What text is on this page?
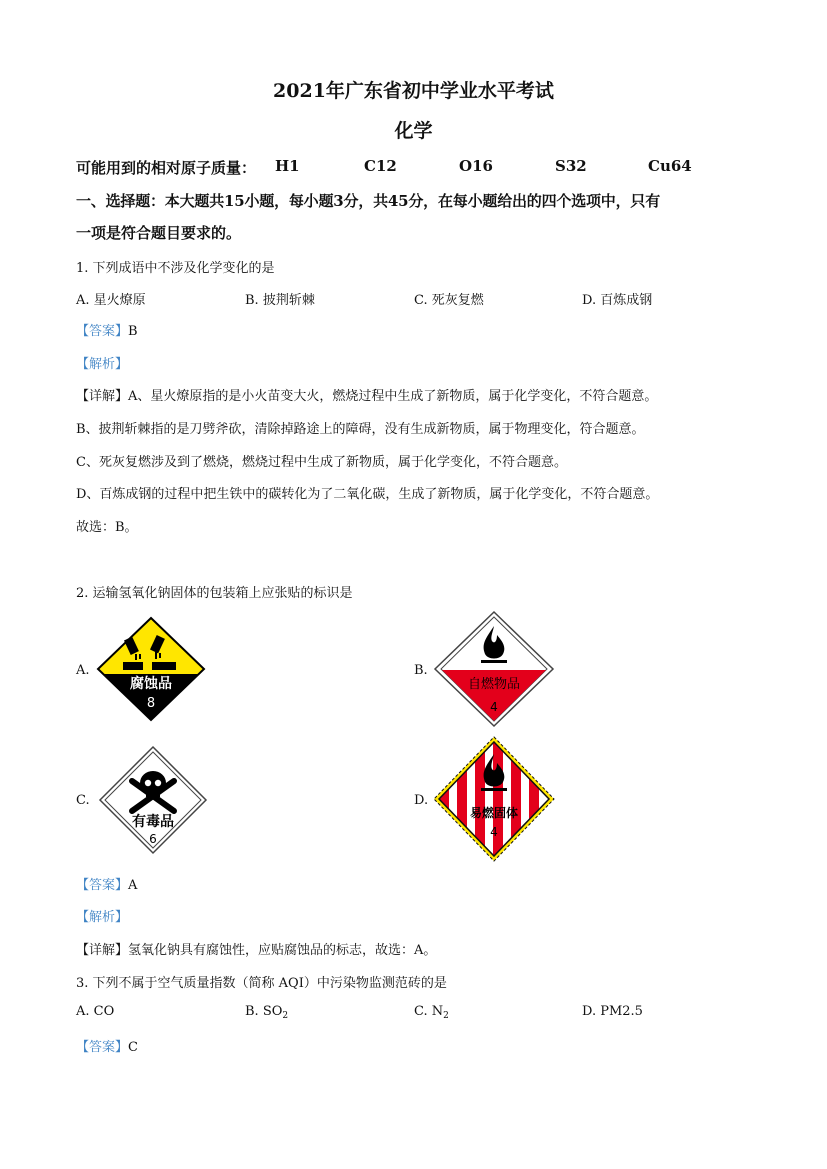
2021年广东省初中学业水平考试
化学
可能用到的相对原子质量： H1	C12	O16	S32	Cu64
一、选择题：本大题共15小题，每小题3分，共45分，在每小题给出的四个选项中，只有
一项是符合题目要求的。
1. 下列成语中不涉及化学变化的是
A. 星火燎原	B. 披荆斩棘	C. 死灰复燃	D. 百炼成钢
【答案】B
【解析】
【详解】A、星火燎原指的是小火苗变大火，燃烧过程中生成了新物质，属于化学变化，不符合题意。
B、披荆斩棘指的是刀劈斧砍，清除掉路途上的障碍，没有生成新物质，属于物理变化，符合题意。
C、死灰复燃涉及到了燃烧，燃烧过程中生成了新物质，属于化学变化，不符合题意。
D、百炼成钢的过程中把生铁中的碳转化为了二氧化碳，生成了新物质，属于化学变化，不符合题意。
故选：B。
2. 运输氢氧化钠固体的包装箱上应张贴的标识是
A.	B.
C.	D.
腐蚀品
8
自燃物品
4
有毒品
6
易燃固体
4
【答案】A
【解析】
【详解】氢氧化钠具有腐蚀性，应贴腐蚀品的标志，故选：A。
3. 下列不属于空气质量指数（简称 AQI）中污染物监测范砖的是
A. CO	B. $SO_2$	C. $N_2$	D. PM2.5
【答案】C
